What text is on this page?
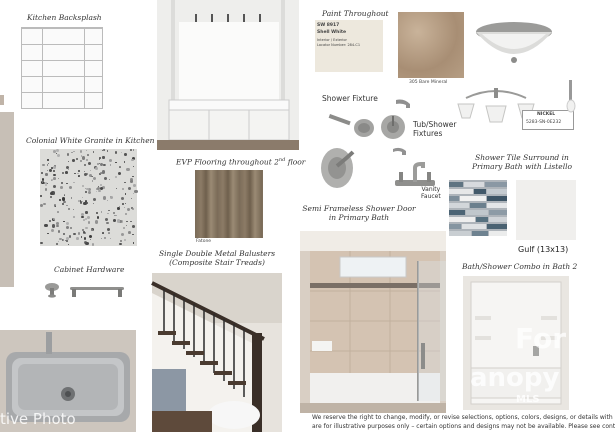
Kitchen Backsplash
Colonial White Granite in Kitchen
Cabinet Hardware
tive Photo
EVP Flooring throughout 2nd floor
Fatone
Single Double Metal Balusters
(Composite Stair Treads)
Paint Throughout
SW 8917
Shell White
Interior / Exterior
Locator Number: 284-C1
305 Bare Mineral
Shower Fixture
Tub/Shower
Fixtures
Vanity
Faucet
NICKEL
5283-SN-0E232
Shower Tile Surround in
Primary Bath with Listello
Gulf (13x13)
Semi Frameless Shower Door
in Primary Bath
Bath/Shower Combo in Bath 2
For
anopy
MLS
We reserve the right to change, modify, or revise selections, options, colors, designs, or details with
are for illustrative purposes only – certain options and designs may not be available. Please see cont
